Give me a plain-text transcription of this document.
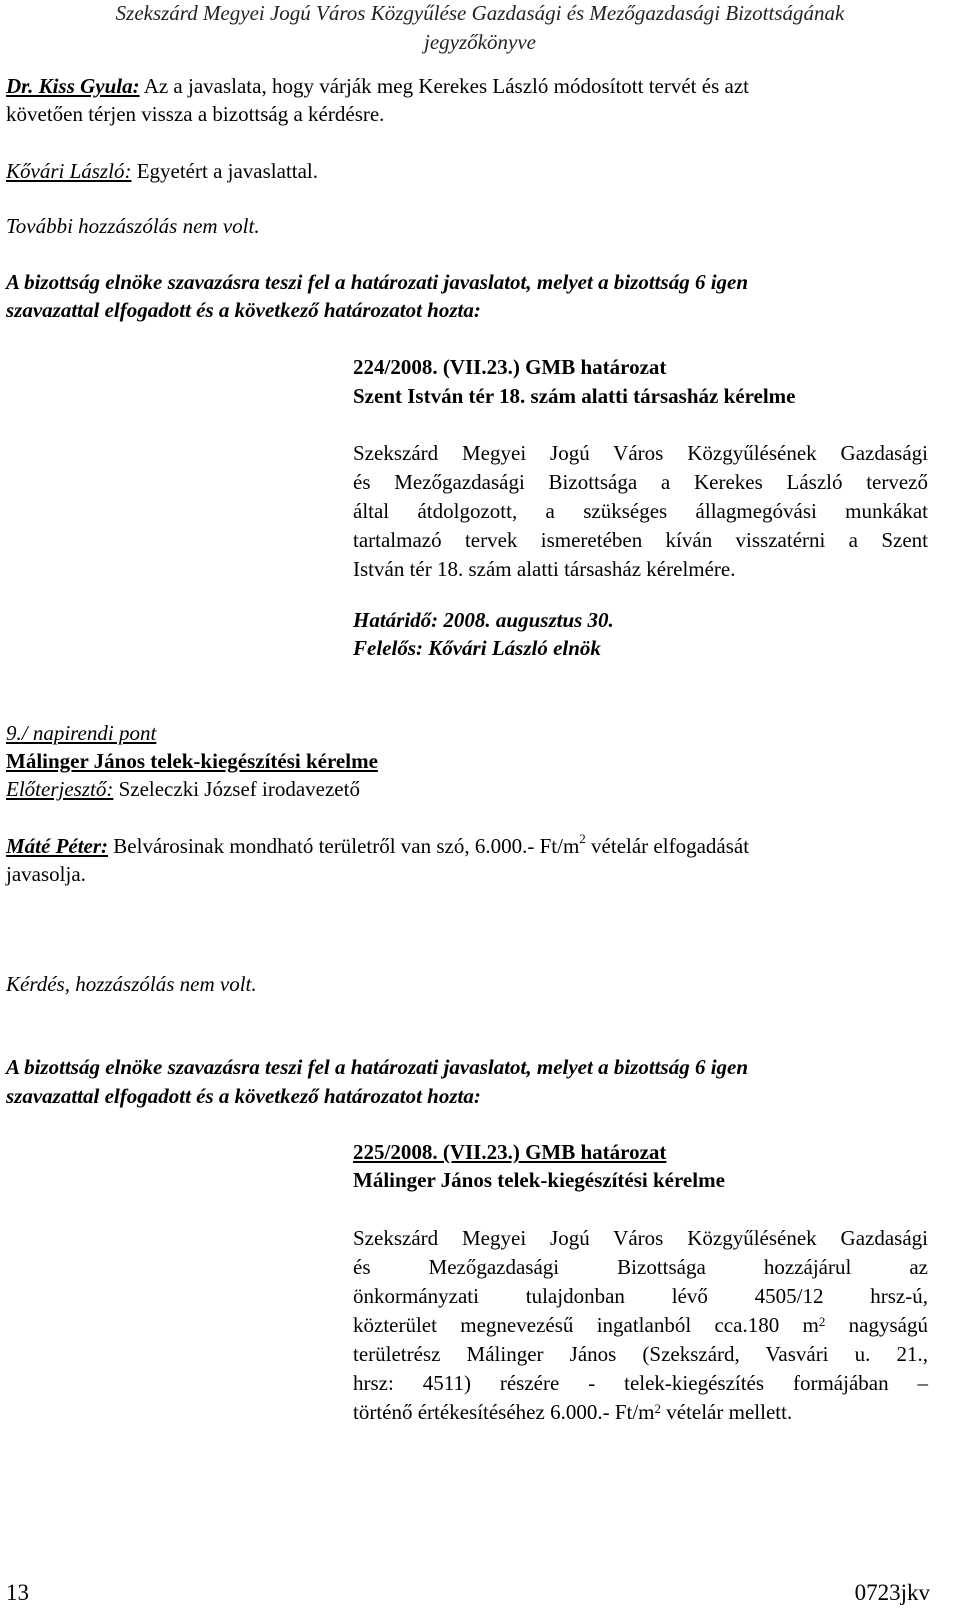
Szekszárd Megyei Jogú Város Közgyűlése Gazdasági és Mezőgazdasági Bizottságának
jegyzőkönyve
Dr. Kiss Gyula: Az a javaslata, hogy várják meg Kerekes László módosított tervét és azt
követően térjen vissza a bizottság a kérdésre.
Kővári László: Egyetért a javaslattal.
További hozzászólás nem volt.
A bizottság elnöke szavazásra teszi fel a határozati javaslatot, melyet a bizottság 6 igen
szavazattal elfogadott és a következő határozatot hozta:
224/2008. (VII.23.) GMB határozat
Szent István tér 18. szám alatti társasház kérelme
Szekszárd Megyei Jogú Város Közgyűlésének Gazdasági
és Mezőgazdasági Bizottsága a Kerekes László tervező
által átdolgozott, a szükséges állagmegóvási munkákat
tartalmazó tervek ismeretében kíván visszatérni a Szent
István tér 18. szám alatti társasház kérelmére.
Határidő: 2008. augusztus 30.
Felelős: Kővári László elnök
9./ napirendi pont
Málinger János telek-kiegészítési kérelme
Előterjesztő: Szeleczki József irodavezető
Máté Péter: Belvárosinak mondható területről van szó, 6.000.- $Ft/m^2$ vételár elfogadását
javasolja.
Kérdés, hozzászólás nem volt.
A bizottság elnöke szavazásra teszi fel a határozati javaslatot, melyet a bizottság 6 igen
szavazattal elfogadott és a következő határozatot hozta:
225/2008. (VII.23.) GMB határozat
Málinger János telek-kiegészítési kérelme
Szekszárd Megyei Jogú Város Közgyűlésének Gazdasági
és Mezőgazdasági Bizottsága hozzájárul az
önkormányzati tulajdonban lévő 4505/12 hrsz-ú,
közterület megnevezésű ingatlanból cca.180 $m^2$ nagyságú
területrész Málinger János (Szekszárd, Vasvári u. 21.,
hrsz: 4511) részére - telek-kiegészítés formájában –
történő értékesítéséhez 6.000.- $Ft/m^2$ vételár mellett.
13	0723jkv
